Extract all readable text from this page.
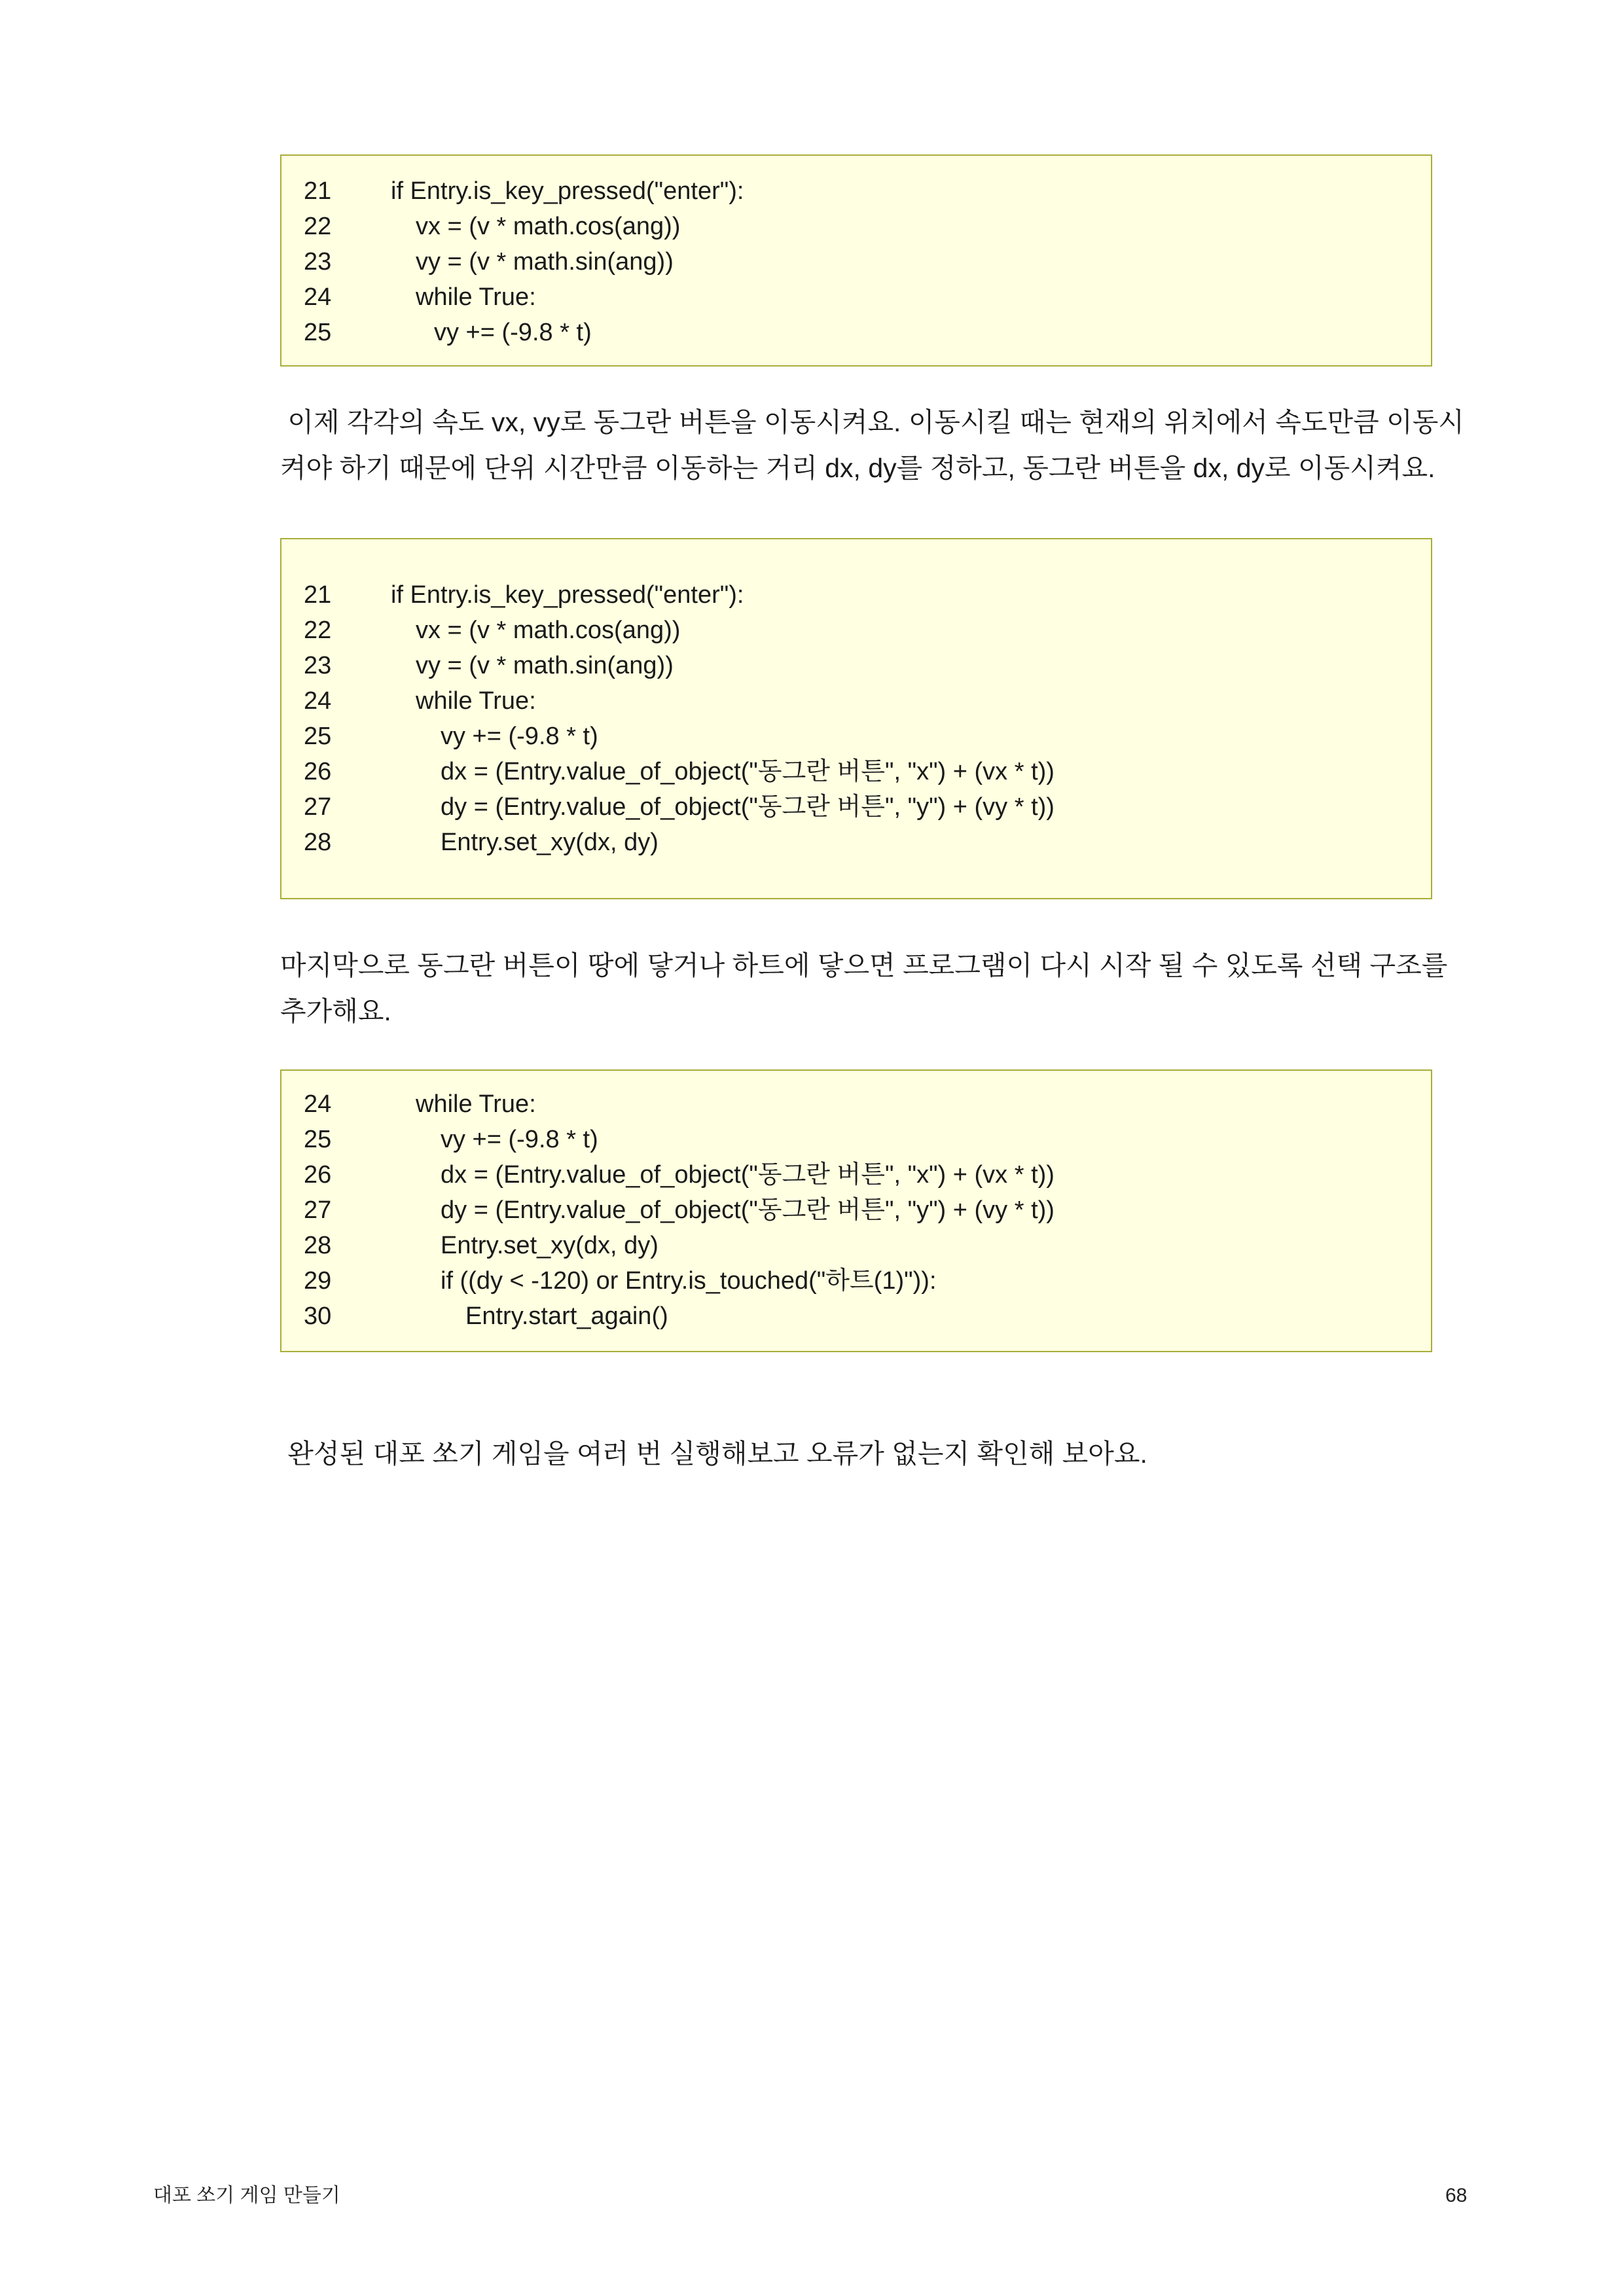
21	if Entry.is_key_pressed("enter"):
22	vx = (v * math.cos(ang))
23	vy = (v * math.sin(ang))
24	while True:
25	vy += (-9.8 * t)
이제 각각의 속도 vx, vy로 동그란 버튼을 이동시켜요. 이동시킬 때는 현재의 위치에서 속도만큼 이동시켜야 하기 때문에 단위 시간만큼 이동하는 거리 dx, dy를 정하고, 동그란 버튼을 dx, dy로 이동시켜요.
21	if Entry.is_key_pressed("enter"):
22	vx = (v * math.cos(ang))
23	vy = (v * math.sin(ang))
24	while True:
25	vy += (-9.8 * t)
26	dx = (Entry.value_of_object("동그란 버튼", "x") + (vx * t))
27	dy = (Entry.value_of_object("동그란 버튼", "y") + (vy * t))
28	Entry.set_xy(dx, dy)
마지막으로 동그란 버튼이 땅에 닿거나 하트에 닿으면 프로그램이 다시 시작 될 수 있도록 선택 구조를 추가해요.
24	while True:
25	vy += (-9.8 * t)
26	dx = (Entry.value_of_object("동그란 버튼", "x") + (vx * t))
27	dy = (Entry.value_of_object("동그란 버튼", "y") + (vy * t))
28	Entry.set_xy(dx, dy)
29	if ((dy < -120) or Entry.is_touched("하트(1)")):
30	Entry.start_again()
완성된 대포 쏘기 게임을 여러 번 실행해보고 오류가 없는지 확인해 보아요.
대포 쏘기 게임 만들기	68
